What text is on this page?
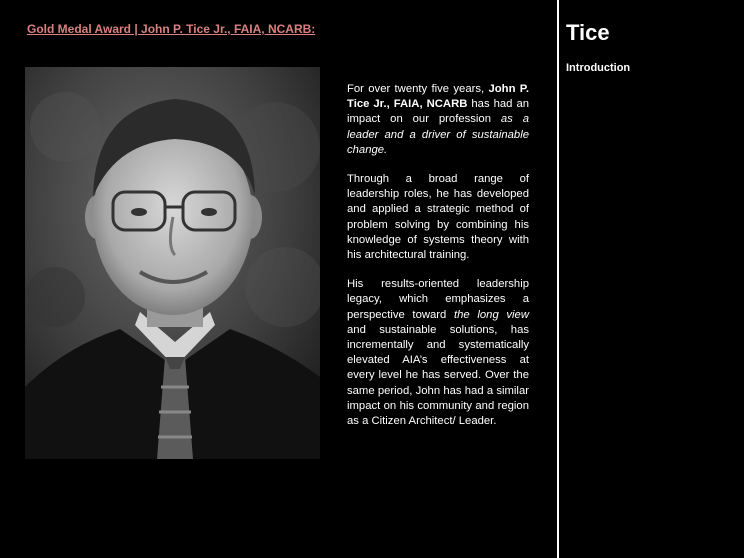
Gold Medal Award | John P. Tice Jr., FAIA, NCARB:

For over twenty five years, John P. Tice Jr., FAIA, NCARB has had an impact on our profession as a leader and a driver of sustainable change.

Through a broad range of leadership roles, he has developed and applied a strategic method of problem solving by combining his knowledge of systems theory with his architectural training.

His results-oriented leadership legacy, which emphasizes a perspective toward the long view and sustainable solutions, has incrementally and systematically elevated AIA’s effectiveness at every level he has served. Over the same period, John has had a similar impact on his community and region as a Citizen Architect/ Leader.

Tice
Introduction
